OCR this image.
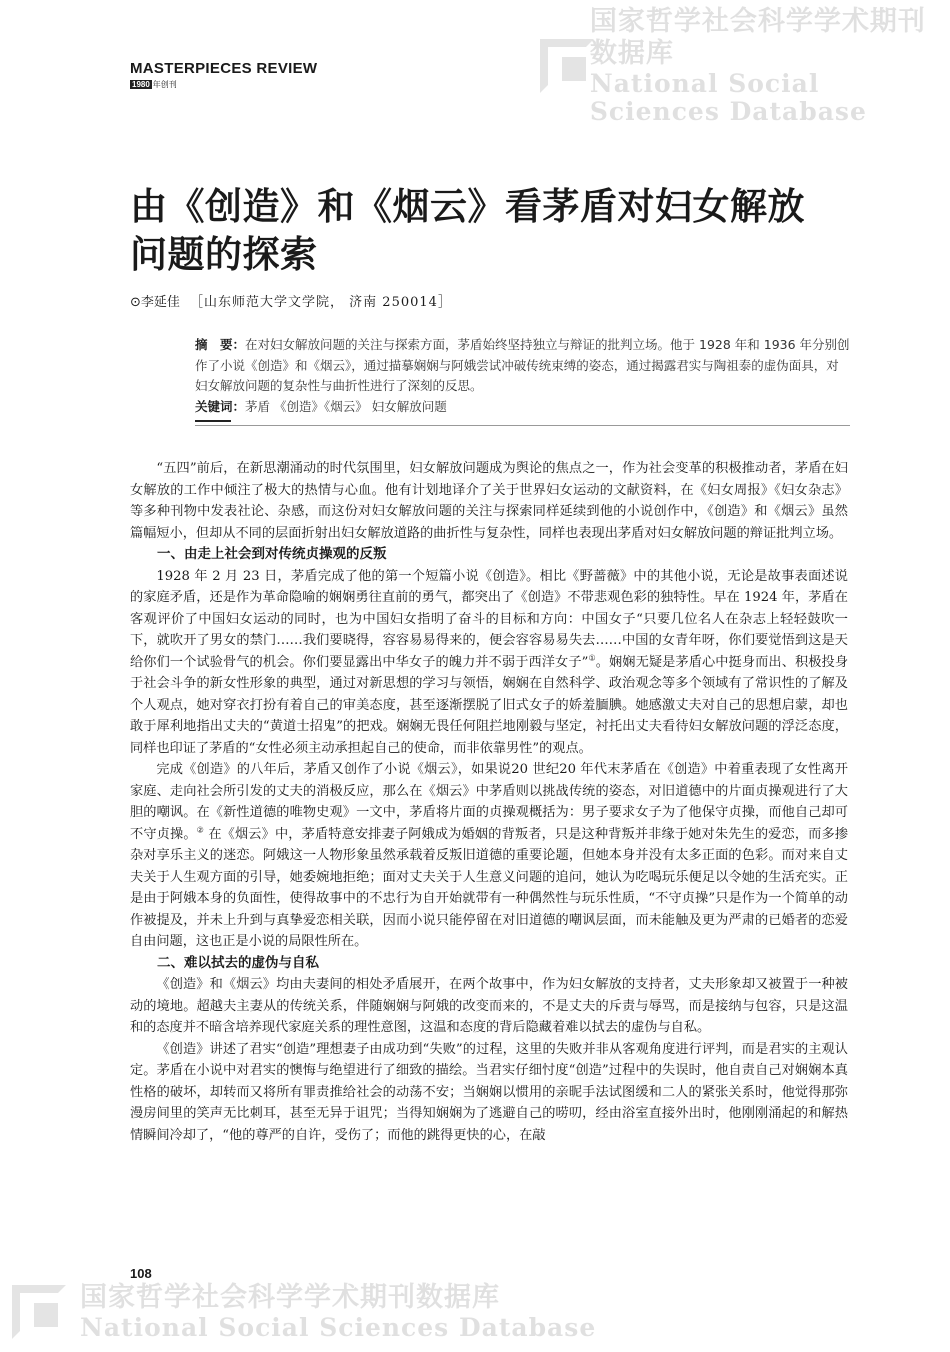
国家哲学社会科学学术期刊数据库
National Social Sciences Database
国家哲学社会科学学术期刊数据库
National Social Sciences Database
MASTERPIECES REVIEW
1980 年创刊
由《创造》和《烟云》看茅盾对妇女解放
问题的探索
⊙李延佳 ［山东师范大学文学院， 济南 250014］
摘　要：在对妇女解放问题的关注与探索方面，茅盾始终坚持独立与辩证的批判立场。他于 1928 年和 1936 年分别创作了小说《创造》和《烟云》，通过描摹娴娴与阿娥尝试冲破传统束缚的姿态，通过揭露君实与陶祖泰的虚伪面具，对妇女解放问题的复杂性与曲折性进行了深刻的反思。
关键词：茅盾 《创造》《烟云》 妇女解放问题

“五四”前后，在新思潮涌动的时代氛围里，妇女解放问题成为舆论的焦点之一，作为社会变革的积极推动者，茅盾在妇女解放的工作中倾注了极大的热情与心血。他有计划地译介了关于世界妇女运动的文献资料，在《妇女周报》《妇女杂志》等多种刊物中发表社论、杂感，而这份对妇女解放问题的关注与探索同样延续到他的小说创作中，《创造》和《烟云》虽然篇幅短小，但却从不同的层面折射出妇女解放道路的曲折性与复杂性，同样也表现出茅盾对妇女解放问题的辩证批判立场。

一、由走上社会到对传统贞操观的反叛

1928 年 2 月 23 日，茅盾完成了他的第一个短篇小说《创造》。相比《野蔷薇》中的其他小说，无论是故事表面述说的家庭矛盾，还是作为革命隐喻的娴娴勇往直前的勇气，都突出了《创造》不带悲观色彩的独特性。早在 1924 年，茅盾在客观评价了中国妇女运动的同时，也为中国妇女指明了奋斗的目标和方向：中国女子“只要几位名人在杂志上轻轻鼓吹一下，就吹开了男女的禁门……我们要晓得，容容易易得来的，便会容容易易失去……中国的女青年呀，你们要觉悟到这是天给你们一个试验骨气的机会。你们要显露出中华女子的魄力并不弱于西洋女子”①。娴娴无疑是茅盾心中挺身而出、积极投身于社会斗争的新女性形象的典型，通过对新思想的学习与领悟，娴娴在自然科学、政治观念等多个领域有了常识性的了解及个人观点，她对穿衣打扮有着自己的审美态度，甚至逐渐摆脱了旧式女子的娇羞腼腆。她感激丈夫对自己的思想启蒙，却也敢于犀利地指出丈夫的“黄道士招鬼”的把戏。娴娴无畏任何阻拦地刚毅与坚定，衬托出丈夫看待妇女解放问题的浮泛态度，同样也印证了茅盾的“女性必须主动承担起自己的使命，而非依靠男性”的观点。

完成《创造》的八年后，茅盾又创作了小说《烟云》，如果说20 世纪20 年代末茅盾在《创造》中着重表现了女性离开家庭、走向社会所引发的丈夫的消极反应，那么在《烟云》中茅盾则以挑战传统的姿态，对旧道德中的片面贞操观进行了大胆的嘲讽。在《新性道德的唯物史观》一文中，茅盾将片面的贞操观概括为：男子要求女子为了他保守贞操，而他自己却可不守贞操。② 在《烟云》中，茅盾特意安排妻子阿娥成为婚姻的背叛者，只是这种背叛并非缘于她对朱先生的爱恋，而多掺杂对享乐主义的迷恋。阿娥这一人物形象虽然承载着反叛旧道德的重要论题，但她本身并没有太多正面的色彩。而对来自丈夫关于人生观方面的引导，她委婉地拒绝；面对丈夫关于人生意义问题的追问，她认为吃喝玩乐便足以令她的生活充实。正是由于阿娥本身的负面性，使得故事中的不忠行为自开始就带有一种偶然性与玩乐性质，“不守贞操”只是作为一个简单的动作被提及，并未上升到与真挚爱恋相关联，因而小说只能停留在对旧道德的嘲讽层面，而未能触及更为严肃的已婚者的恋爱自由问题，这也正是小说的局限性所在。

二、难以拭去的虚伪与自私

《创造》和《烟云》均由夫妻间的相处矛盾展开，在两个故事中，作为妇女解放的支持者，丈夫形象却又被置于一种被动的境地。超越夫主妻从的传统关系，伴随娴娴与阿娥的改变而来的，不是丈夫的斥责与辱骂，而是接纳与包容，只是这温和的态度并不暗含培养现代家庭关系的理性意图，这温和态度的背后隐藏着难以拭去的虚伪与自私。

《创造》讲述了君实“创造”理想妻子由成功到“失败”的过程，这里的失败并非从客观角度进行评判，而是君实的主观认定。茅盾在小说中对君实的懊悔与绝望进行了细致的描绘。当君实仔细忖度“创造”过程中的失误时，他自责自己对娴娴本真性格的破坏，却转而又将所有罪责推给社会的动荡不安；当娴娴以惯用的亲昵手法试图缓和二人的紧张关系时，他觉得那弥漫房间里的笑声无比刺耳，甚至无异于诅咒；当得知娴娴为了逃避自己的唠叨，经由浴室直接外出时，他刚刚涌起的和解热情瞬间冷却了，“他的尊严的自许，受伤了；而他的跳得更快的心，在敲

108
